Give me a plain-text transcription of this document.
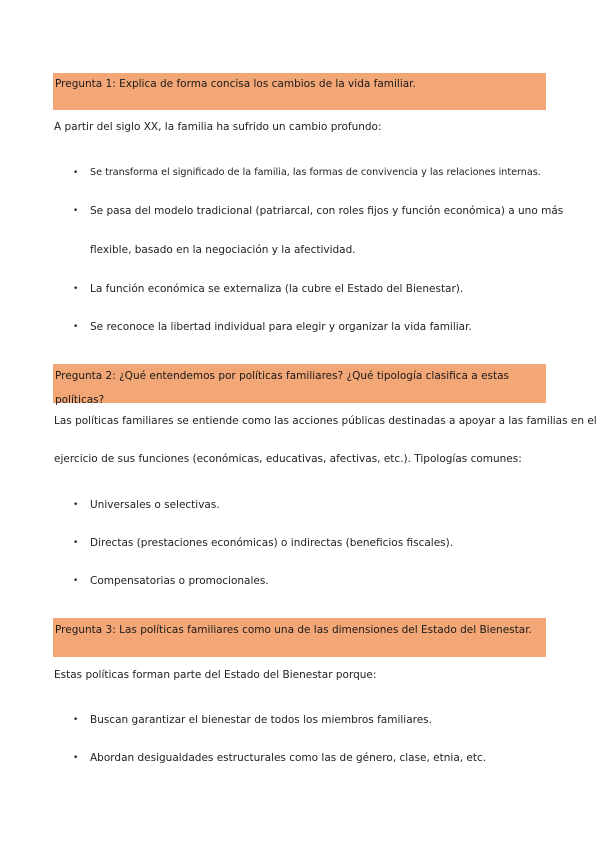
Pregunta 1: Explica de forma concisa los cambios de la vida familiar.
A partir del siglo XX, la familia ha sufrido un cambio profundo:
• Se transforma el significado de la familia, las formas de convivencia y las relaciones internas.
• Se pasa del modelo tradicional (patriarcal, con roles fijos y función económica) a uno más
flexible, basado en la negociación y la afectividad.
• La función económica se externaliza (la cubre el Estado del Bienestar).
• Se reconoce la libertad individual para elegir y organizar la vida familiar.
Pregunta 2: ¿Qué entendemos por políticas familiares? ¿Qué tipología clasifica a estas políticas?
Las políticas familiares se entiende como las acciones públicas destinadas a apoyar a las familias en el
ejercicio de sus funciones (económicas, educativas, afectivas, etc.). Tipologías comunes:
• Universales o selectivas.
• Directas (prestaciones económicas) o indirectas (beneficios fiscales).
• Compensatorias o promocionales.
Pregunta 3: Las políticas familiares como una de las dimensiones del Estado del Bienestar.
Estas políticas forman parte del Estado del Bienestar porque:
• Buscan garantizar el bienestar de todos los miembros familiares.
• Abordan desigualdades estructurales como las de género, clase, etnia, etc.
